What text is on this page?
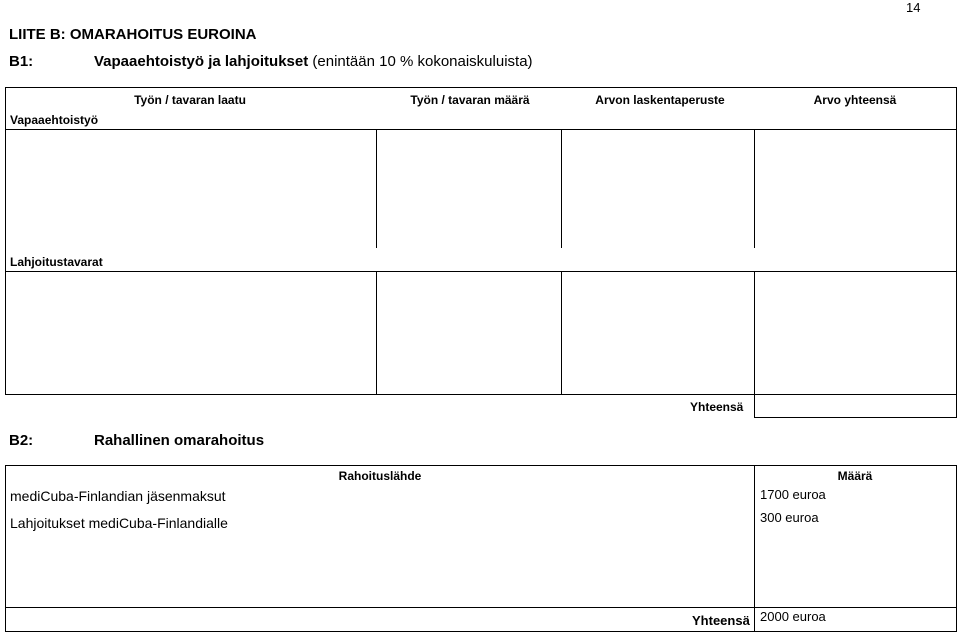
14
LIITE B: OMARAHOITUS EUROINA
B1:	Vapaaehtoistyö ja lahjoitukset (enintään 10 % kokonaiskuluista)
Työn / tavaran laatu	Työn / tavaran määrä	Arvon laskentaperuste	Arvo yhteensä
Vapaaehtoistyö
Lahjoitustavarat
Yhteensä
B2:	Rahallinen omarahoitus
Rahoituslähde	Määrä
mediCuba-Finlandian jäsenmaksut	1700 euroa
Lahjoitukset mediCuba-Finlandialle	300 euroa
Yhteensä 2000 euroa
